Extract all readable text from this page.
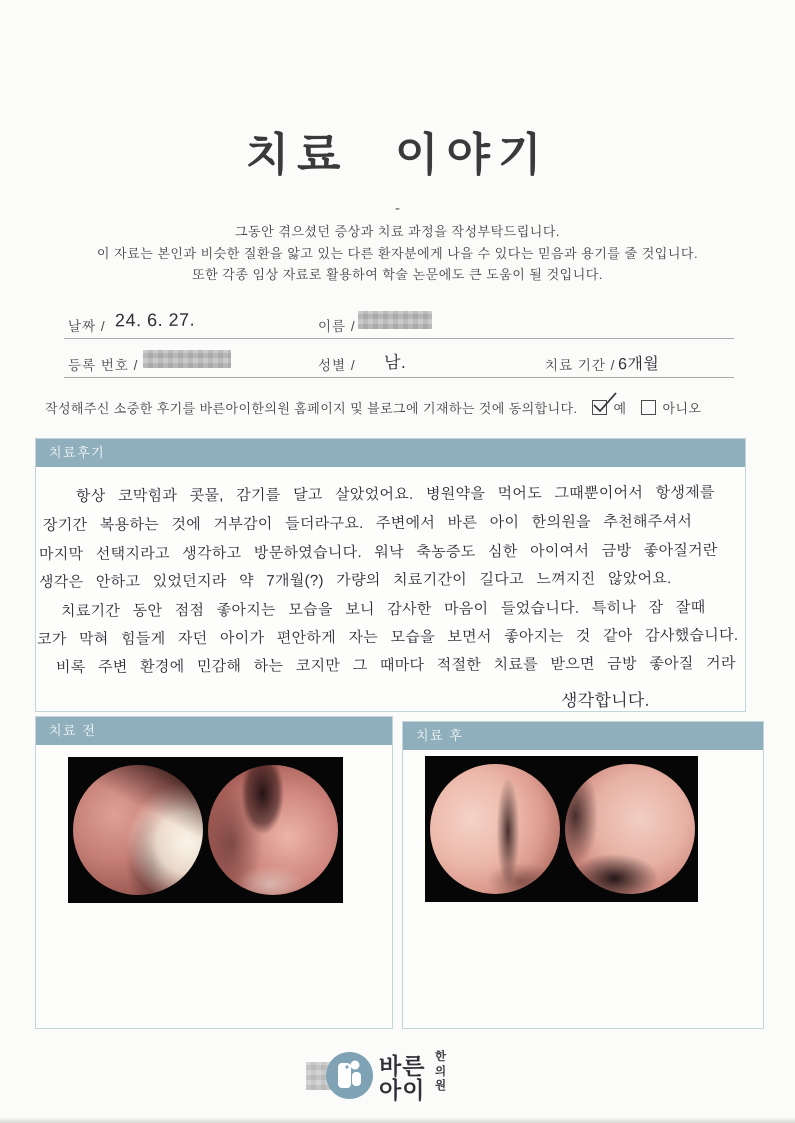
치료 이야기
-
그동안 겪으셨던 증상과 치료 과정을 작성부탁드립니다.
이 자료는 본인과 비슷한 질환을 앓고 있는 다른 환자분에게 나을 수 있다는 믿음과 용기를 줄 것입니다.
또한 각종 임상 자료로 활용하여 학술 논문에도 큰 도움이 될 것입니다.
날짜 / 24. 6. 27.	이름 /
등록 번호 /	성별 / 남.	치료 기간 / 6개월
작성해주신 소중한 후기를 바른아이한의원 홈페이지 및 블로그에 기재하는 것에 동의합니다.	예	아니오
치료후기
항상 코막힘과 콧물, 감기를 달고 살았었어요. 병원약을 먹어도 그때뿐이어서 항생제를
장기간 복용하는 것에 거부감이 들더라구요. 주변에서 바른 아이 한의원을 추천해주셔서
마지막 선택지라고 생각하고 방문하였습니다. 워낙 축농증도 심한 아이여서 금방 좋아질거란
생각은 안하고 있었던지라 약 7개월(?) 가량의 치료기간이 길다고 느껴지진 않았어요.
치료기간 동안 점점 좋아지는 모습을 보니 감사한 마음이 들었습니다. 특히나 잠 잘때
코가 막혀 힘들게 자던 아이가 편안하게 자는 모습을 보면서 좋아지는 것 같아 감사했습니다.
비록 주변 환경에 민감해 하는 코지만 그 때마다 적절한 치료를 받으면 금방 좋아질 거라
생각합니다.
치료 전	치료 후
바른
아이
한
의
원
